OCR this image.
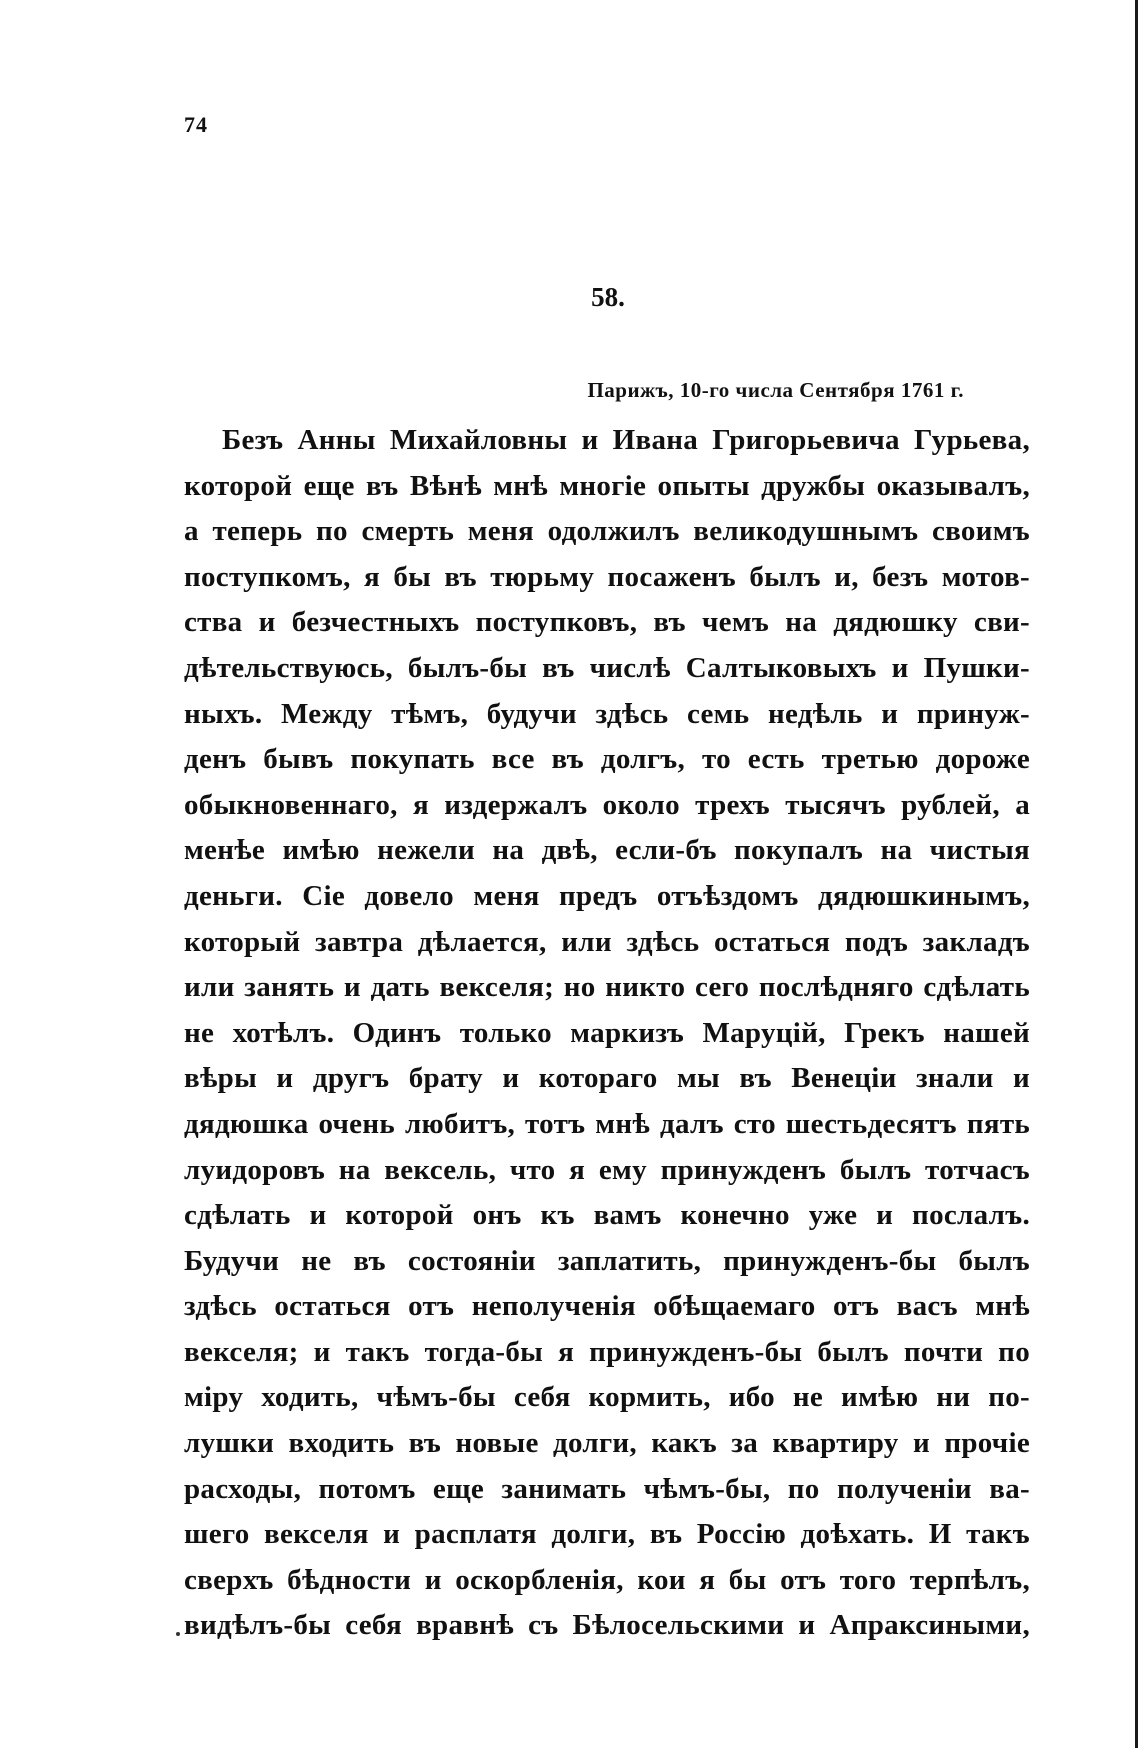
74
58.
Парижъ, 10-го числа Сентября 1761 г.
Безъ Анны Михайловны и Ивана Григорьевича Гурьева,
которой еще въ Вѣнѣ мнѣ многіе опыты дружбы оказывалъ,
а теперь по смерть меня одолжилъ великодушнымъ своимъ
поступкомъ, я бы въ тюрьму посаженъ былъ и, безъ мотов-
ства и безчестныхъ поступковъ, въ чемъ на дядюшку сви-
дѣтельствуюсь, былъ-бы въ числѣ Салтыковыхъ и Пушки-
ныхъ. Между тѣмъ, будучи здѣсь семь недѣль и принуж-
денъ бывъ покупать все въ долгъ, то есть третью дороже
обыкновеннаго, я издержалъ около трехъ тысячъ рублей, а
менѣе имѣю нежели на двѣ, если-бъ покупалъ на чистыя
деньги. Сіе довело меня предъ отъѣздомъ дядюшкинымъ,
который завтра дѣлается, или здѣсь остаться подъ закладъ
или занять и дать векселя; но никто сего послѣдняго сдѣлать
не хотѣлъ. Одинъ только маркизъ Маруцій, Грекъ нашей
вѣры и другъ брату и котораго мы въ Венеціи знали и
дядюшка очень любитъ, тотъ мнѣ далъ сто шестьдесятъ пять
луидоровъ на вексель, что я ему принужденъ былъ тотчасъ
сдѣлать и которой онъ къ вамъ конечно уже и послалъ.
Будучи не въ состояніи заплатить, принужденъ-бы былъ
здѣсь остаться отъ неполученія обѣщаемаго отъ васъ мнѣ
векселя; и такъ тогда-бы я принужденъ-бы былъ почти по
міру ходить, чѣмъ-бы себя кормить, ибо не имѣю ни по-
лушки входить въ новые долги, какъ за квартиру и прочіе
расходы, потомъ еще занимать чѣмъ-бы, по полученіи ва-
шего векселя и расплатя долги, въ Россію доѣхать. И такъ
сверхъ бѣдности и оскорбленія, кои я бы отъ того терпѣлъ,
видѣлъ-бы себя вравнѣ съ Бѣлосельскими и Апраксиными,
